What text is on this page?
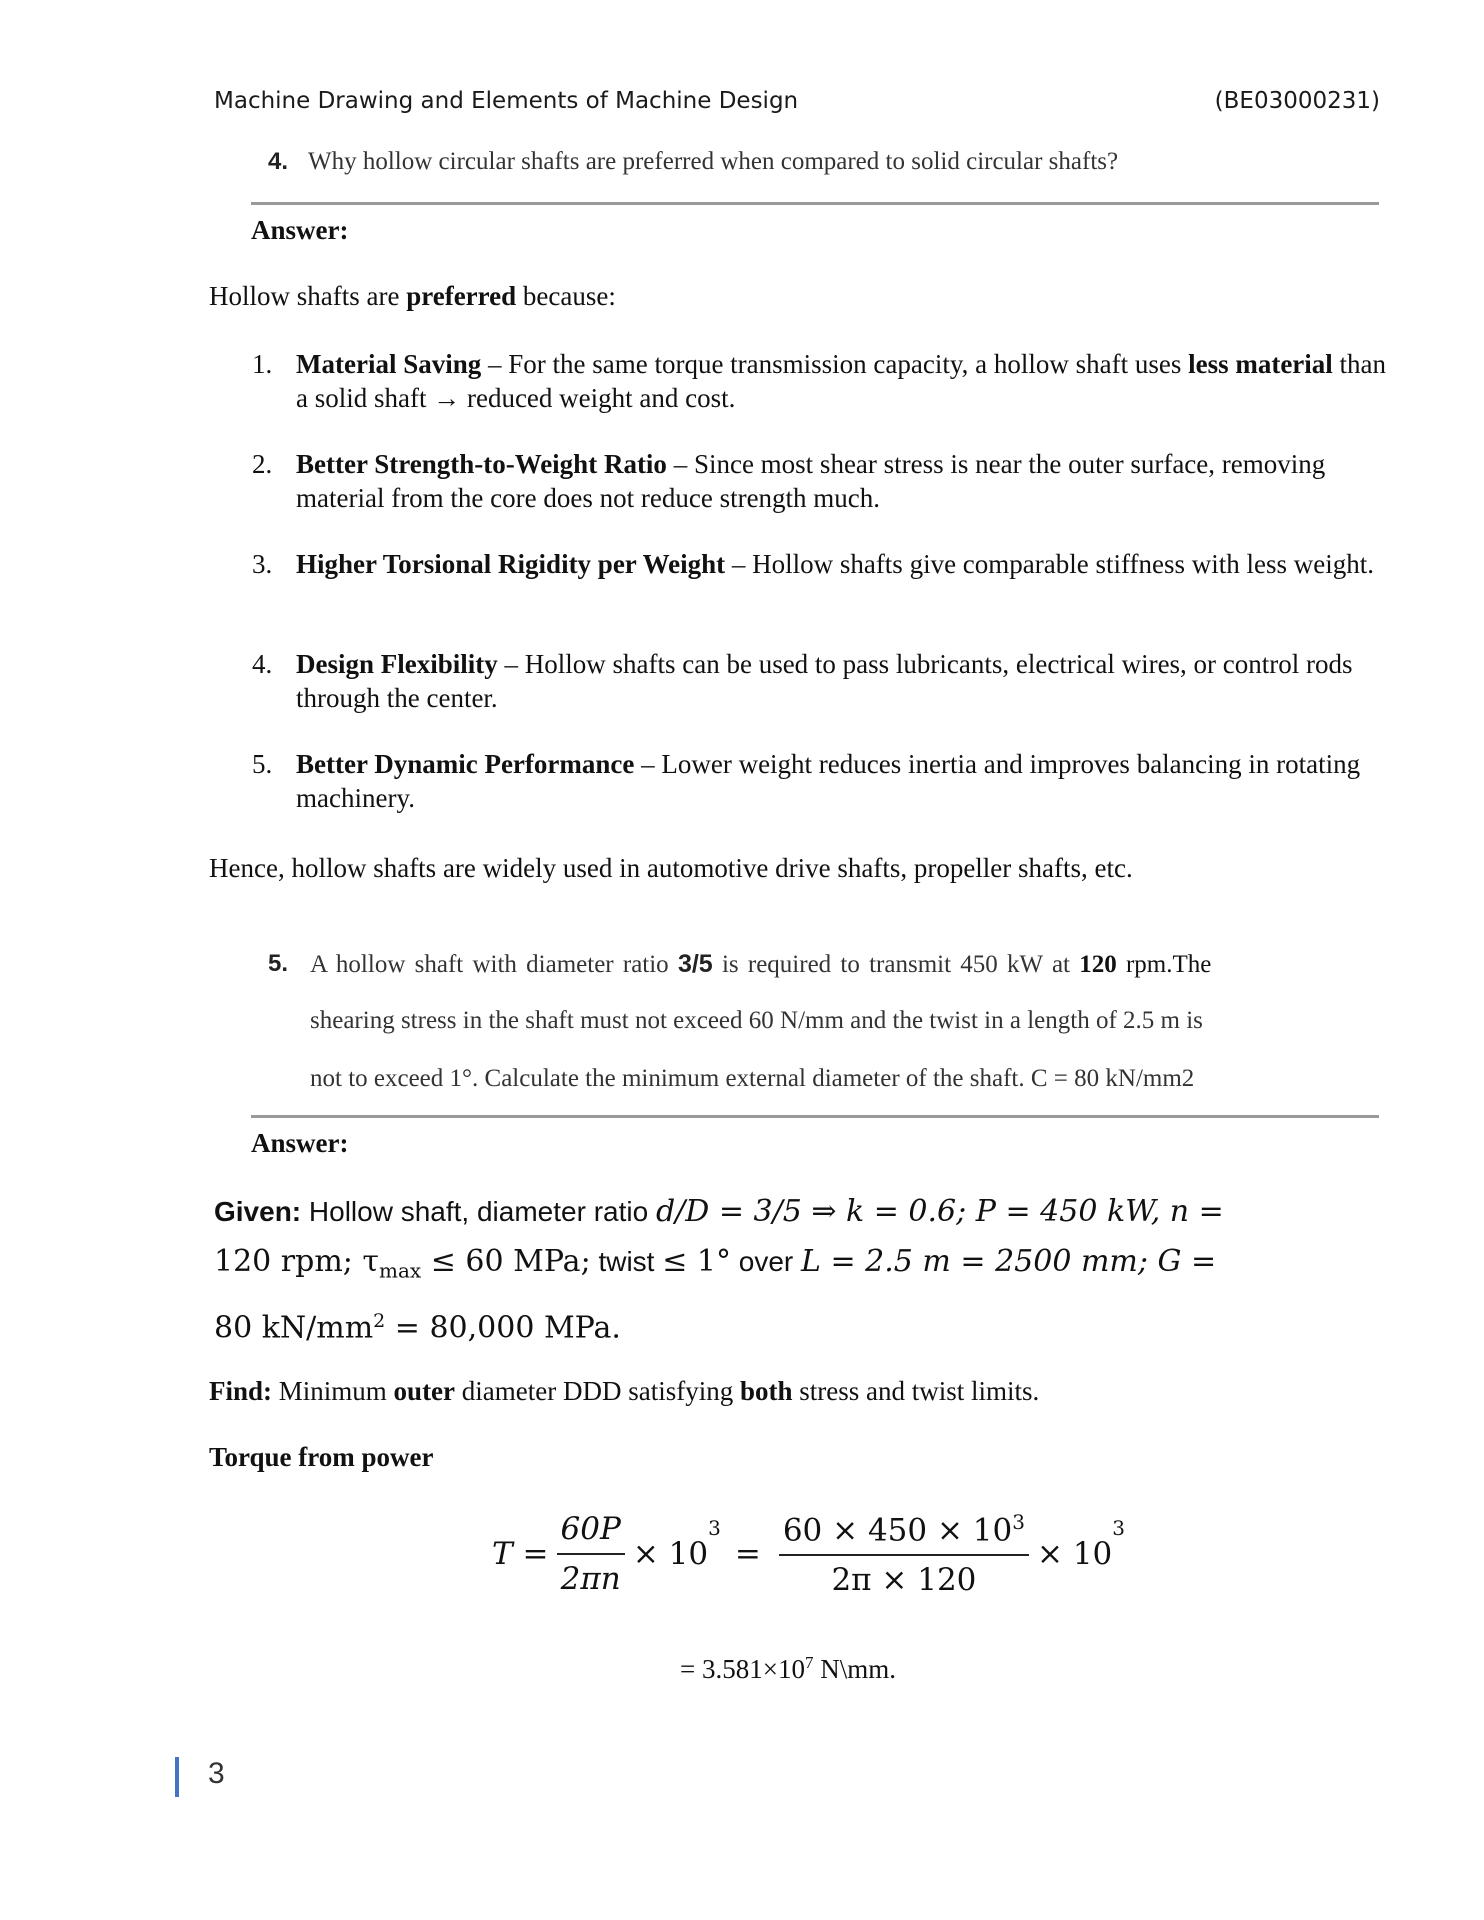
Machine Drawing and Elements of Machine Design	(BE03000231)
4. Why hollow circular shafts are preferred when compared to solid circular shafts?
Answer:
Hollow shafts are preferred because:
1. Material Saving – For the same torque transmission capacity, a hollow shaft uses less material than a solid shaft → reduced weight and cost.
2. Better Strength-to-Weight Ratio – Since most shear stress is near the outer surface, removing material from the core does not reduce strength much.
3. Higher Torsional Rigidity per Weight – Hollow shafts give comparable stiffness with less weight.
4. Design Flexibility – Hollow shafts can be used to pass lubricants, electrical wires, or control rods through the center.
5. Better Dynamic Performance – Lower weight reduces inertia and improves balancing in rotating machinery.
Hence, hollow shafts are widely used in automotive drive shafts, propeller shafts, etc.
5. A hollow shaft with diameter ratio 3/5 is required to transmit 450 kW at 120 rpm.The
shearing stress in the shaft must not exceed 60 N/mm and the twist in a length of 2.5 m is
not to exceed 1°. Calculate the minimum external diameter of the shaft. C = 80 kN/mm2
Answer:
Given: Hollow shaft, diameter ratio d/D = 3/5 ⇒ k = 0.6; P = 450 kW, n =
120 rpm; $\tau_{max} \le 60$ MPa; twist ≤ 1° over L = 2.5 m = 2500 mm; G =
80 $kN/mm^2 = 80,000$ MPa.
Find: Minimum outer diameter DDD satisfying both stress and twist limits.
Torque from power
$T = \frac{60P}{2\pi n} \times 10$
$^3$
= $\frac{60 \times 450 \times 10^3}{2\pi \times 120} \times 10$
$^3$
= $3.581\times 10^7$ N\mm.
3
